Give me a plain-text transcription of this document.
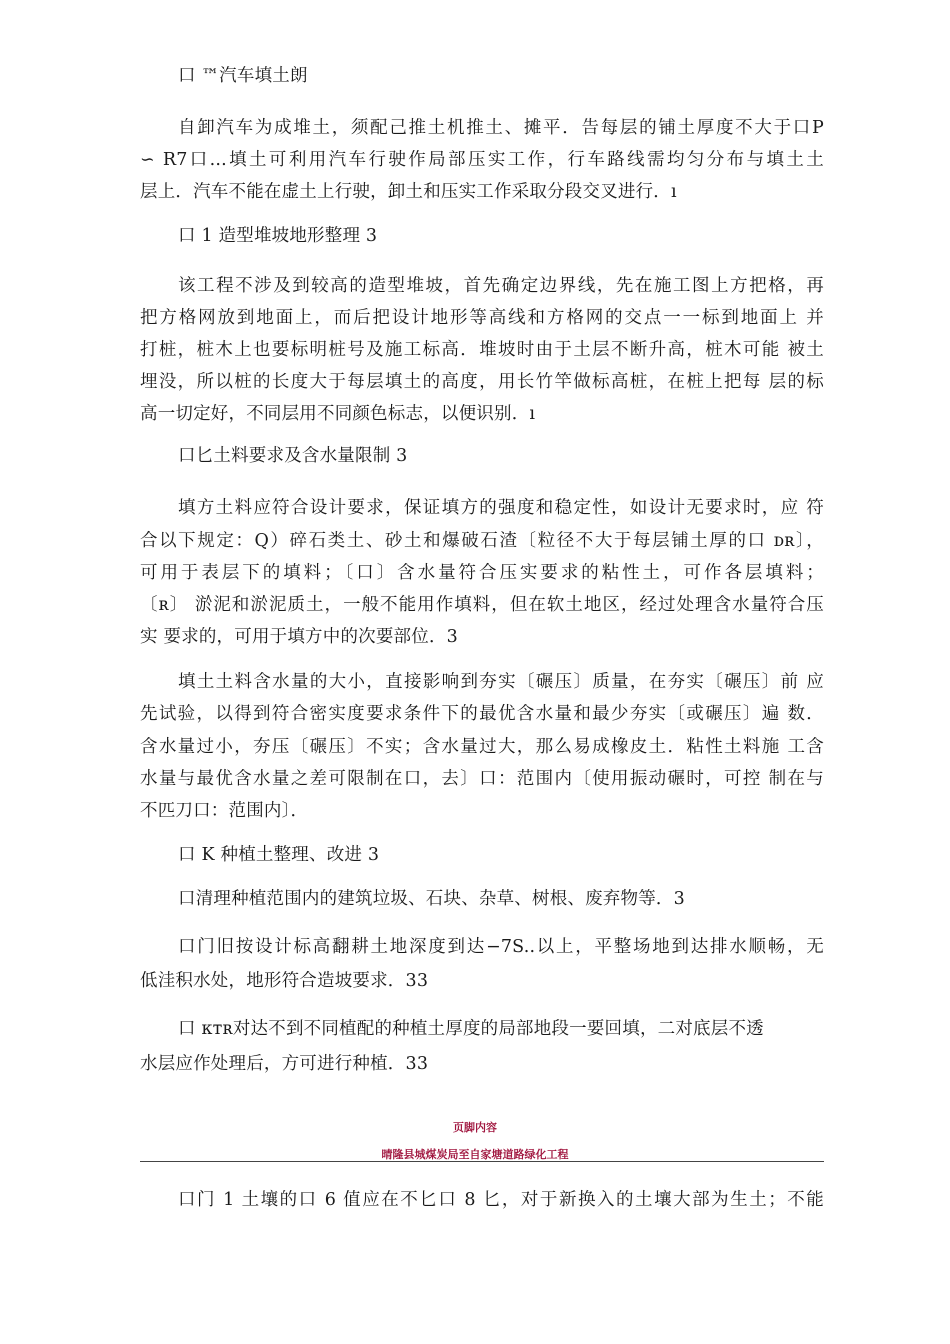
口 ™汽车填土朗
自卸汽车为成堆土，须配己推土机推土、摊平．告每层的铺土厚度不大于口P
∽ R7口...填土可利用汽车行驶作局部压实工作，行车路线需均匀分布与填土土
层上．汽车不能在虚土上行驶，卸土和压实工作采取分段交叉进行．ı
口 1 造型堆坡地形整理 3
该工程不涉及到较高的造型堆坡，首先确定边界线，先在施工图上方把格，再
把方格网放到地面上，而后把设计地形等高线和方格网的交点一一标到地面上 并
打桩，桩木上也要标明桩号及施工标高．堆坡时由于土层不断升高，桩木可能 被土
埋没，所以桩的长度大于每层填土的高度，用长竹竿做标高桩，在桩上把每 层的标
高一切定好，不同层用不同颜色标志，以便识别．ı
口匕土料要求及含水量限制 3
填方土料应符合设计要求，保证填方的强度和稳定性，如设计无要求时，应 符
合以下规定：Q）碎石类土、砂土和爆破石渣〔粒径不大于每层铺土厚的口 ᴅʀ〕，
可用于表层下的填料；〔口〕含水量符合压实要求的粘性土，可作各层填料；
〔ʀ〕 淤泥和淤泥质土，一般不能用作填料，但在软土地区，经过处理含水量符合压
实 要求的，可用于填方中的次要部位．3
填土土料含水量的大小，直接影响到夯实〔碾压〕质量，在夯实〔碾压〕前 应
先试验，以得到符合密实度要求条件下的最优含水量和最少夯实〔或碾压〕遍 数．
含水量过小，夯压〔碾压〕不实；含水量过大，那么易成橡皮土．粘性土料施 工含
水量与最优含水量之差可限制在口，去〕口：范围内〔使用振动碾时，可控 制在与
不匹刀口：范围内〕．
口 K 种植土整理、改进 3
口清理种植范围内的建筑垃圾、石块、杂草、树根、废弃物等．3
口门旧按设计标高翻耕土地深度到达−7S..以上，平整场地到达排水顺畅，无
低洼积水处，地形符合造坡要求．33
口 ᴋᴛʀ对达不到不同植配的种植土厚度的局部地段一要回填，二对底层不透
水层应作处理后，方可进行种植．33
页脚内容
晴隆县城煤炭局至自家塘道路绿化工程
口门 1 土壤的口 6 值应在不匕口 8 匕，对于新换入的土壤大部为生土；不能
